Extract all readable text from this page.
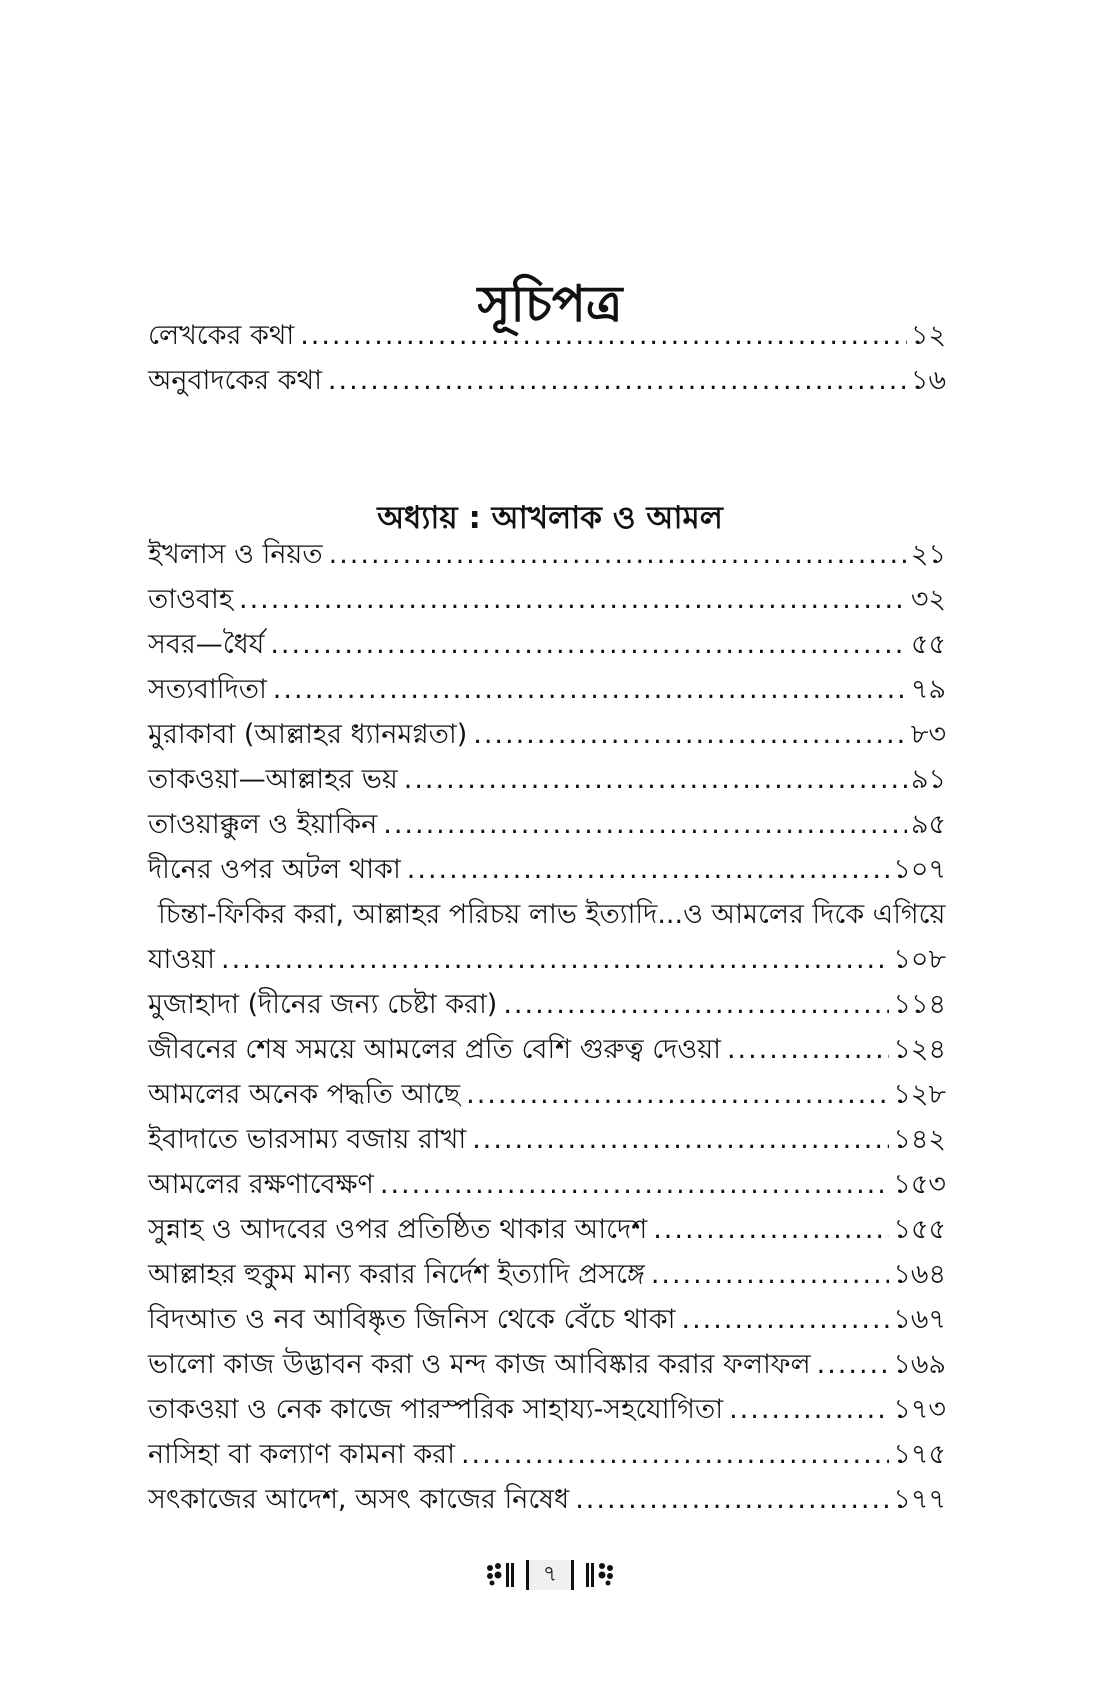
সূচিপত্র
লেখকের কথা .....	১২
অনুবাদকের কথা .....	১৬
অধ্যায় : আখলাক ও আমল
ইখলাস ও নিয়ত .....	২১
তাওবাহ .....	৩২
সবর—ধৈর্য .....	৫৫
সত্যবাদিতা .....	৭৯
মুরাকাবা (আল্লাহর ধ্যানমগ্নতা) .....	৮৩
তাকওয়া—আল্লাহর ভয় .....	৯১
তাওয়াক্কুল ও ইয়াকিন .....	৯৫
দীনের ওপর অটল থাকা .....	১০৭
চিন্তা-ফিকির করা, আল্লাহর পরিচয় লাভ ইত্যাদি...ও আমলের দিকে এগিয়ে
যাওয়া .....	১০৮
মুজাহাদা (দীনের জন্য চেষ্টা করা) .....	১১৪
জীবনের শেষ সময়ে আমলের প্রতি বেশি গুরুত্ব দেওয়া .....	১২৪
আমলের অনেক পদ্ধতি আছে .....	১২৮
ইবাদাতে ভারসাম্য বজায় রাখা .....	১৪২
আমলের রক্ষণাবেক্ষণ .....	১৫৩
সুন্নাহ ও আদবের ওপর প্রতিষ্ঠিত থাকার আদেশ .....	১৫৫
আল্লাহর হুকুম মান্য করার নির্দেশ ইত্যাদি প্রসঙ্গে .....	১৬৪
বিদআত ও নব আবিষ্কৃত জিনিস থেকে বেঁচে থাকা .....	১৬৭
ভালো কাজ উদ্ভাবন করা ও মন্দ কাজ আবিষ্কার করার ফলাফল .....	১৬৯
তাকওয়া ও নেক কাজে পারস্পরিক সাহায্য-সহযোগিতা .....	১৭৩
নাসিহা বা কল্যাণ কামনা করা .....	১৭৫
সৎকাজের আদেশ, অসৎ কাজের নিষেধ .....	১৭৭
৭
